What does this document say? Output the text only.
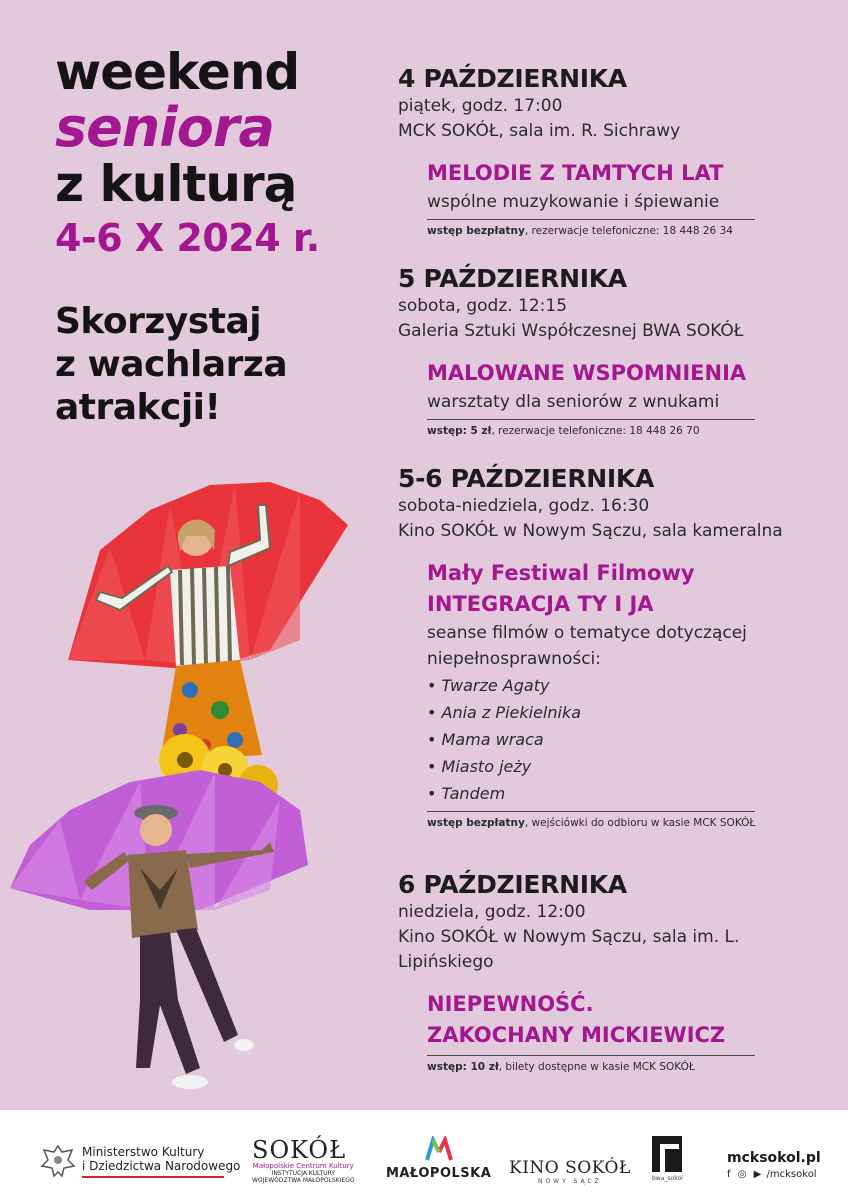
weekend
seniora
z kulturą
4-6 X 2024 r.
Skorzystaj
z wachlarza
atrakcji!
4 PAŹDZIERNIKA
piątek, godz. 17:00
MCK SOKÓŁ, sala im. R. Sichrawy
MELODIE Z TAMTYCH LAT
wspólne muzykowanie i śpiewanie
wstęp bezpłatny, rezerwacje telefoniczne: 18 448 26 34
5 PAŹDZIERNIKA
sobota, godz. 12:15
Galeria Sztuki Współczesnej BWA SOKÓŁ
MALOWANE WSPOMNIENIA
warsztaty dla seniorów z wnukami
wstęp: 5 zł, rezerwacje telefoniczne: 18 448 26 70
5-6 PAŹDZIERNIKA
sobota-niedziela, godz. 16:30
Kino SOKÓŁ w Nowym Sączu, sala kameralna
Mały Festiwal Filmowy
INTEGRACJA TY I JA
seanse filmów o tematyce dotyczącej
niepełnosprawności:
• Twarze Agaty
• Ania z Piekielnika
• Mama wraca
• Miasto jeży
• Tandem
wstęp bezpłatny, wejściówki do odbioru w kasie MCK SOKÓŁ
6 PAŹDZIERNIKA
niedziela, godz. 12:00
Kino SOKÓŁ w Nowym Sączu, sala im. L. Lipińskiego
NIEPEWNOŚĆ.
ZAKOCHANY MICKIEWICZ
wstęp: 10 zł, bilety dostępne w kasie MCK SOKÓŁ
Ministerstwo Kultury
i Dziedzictwa Narodowego
SOKÓŁ
Małopolskie Centrum Kultury
INSTYTUCJA KULTURY
WOJEWÓDZTWA MAŁOPOLSKIEGO MAŁOPOLSKA KINO SOKÓŁ
NOWY SĄCZ	bwa_sokol
mcksokol.pl
f ◎ ▶ /mcksokol
